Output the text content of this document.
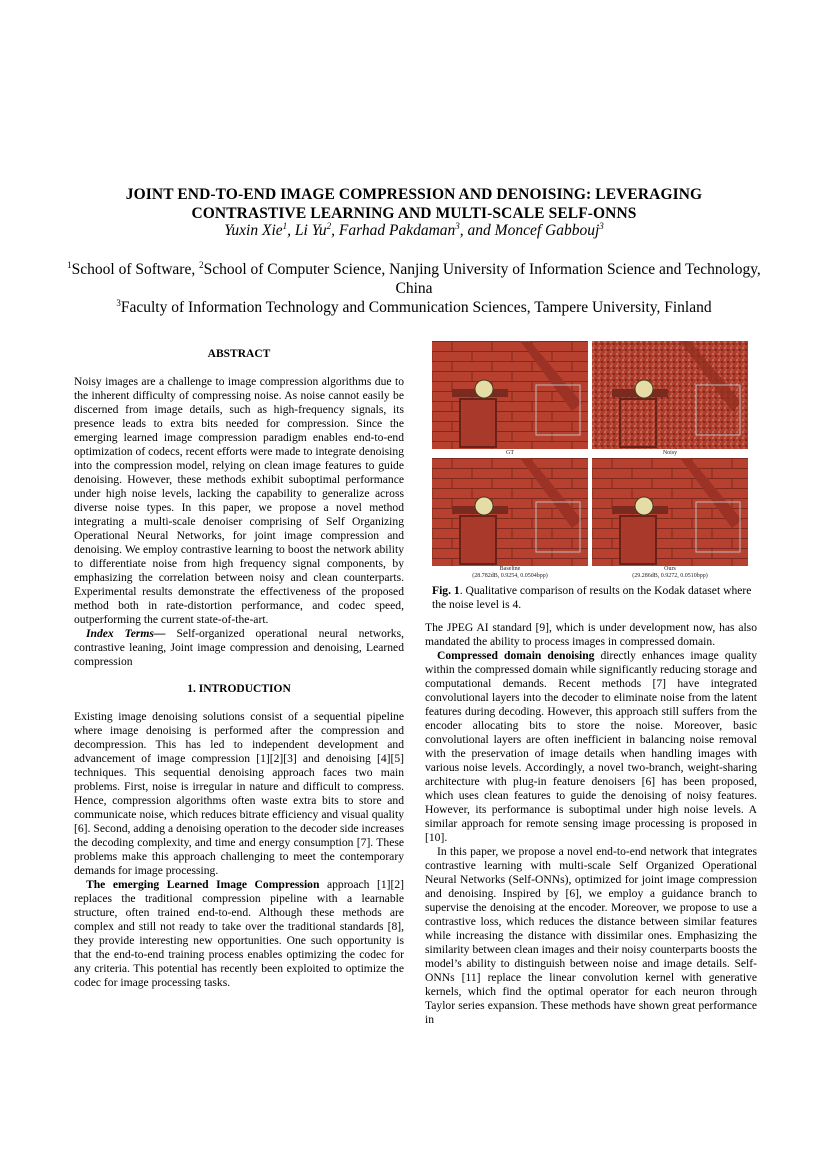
JOINT END-TO-END IMAGE COMPRESSION AND DENOISING: LEVERAGING
CONTRASTIVE LEARNING AND MULTI-SCALE SELF-ONNS
Yuxin Xie$^1$, Li Yu$^2$, Farhad Pakdaman$^3$, and Moncef Gabbouj$^3$
$^1$School of Software, $^2$School of Computer Science, Nanjing University of Information Science and Technology, China
$^3$Faculty of Information Technology and Communication Sciences, Tampere University, Finland
ABSTRACT

Noisy images are a challenge to image compression algorithms due to the inherent difficulty of compressing noise. As noise cannot easily be discerned from image details, such as high-frequency signals, its presence leads to extra bits needed for compression. Since the emerging learned image compression paradigm enables end-to-end optimization of codecs, recent efforts were made to integrate denoising into the compression model, relying on clean image features to guide denoising. However, these methods exhibit suboptimal performance under high noise levels, lacking the capability to generalize across diverse noise types. In this paper, we propose a novel method integrating a multi-scale denoiser comprising of Self Organizing Operational Neural Networks, for joint image compression and denoising. We employ contrastive learning to boost the network ability to differentiate noise from high frequency signal components, by emphasizing the correlation between noisy and clean counterparts. Experimental results demonstrate the effectiveness of the proposed method both in rate-distortion performance, and codec speed, outperforming the current state-of-the-art.

Index Terms— Self-organized operational neural networks, contrastive leaning, Joint image compression and denoising, Learned compression

1. INTRODUCTION

Existing image denoising solutions consist of a sequential pipeline where image denoising is performed after the compression and decompression. This has led to independent development and advancement of image compression [1][2][3] and denoising [4][5] techniques. This sequential denoising approach faces two main problems. First, noise is irregular in nature and difficult to compress. Hence, compression algorithms often waste extra bits to store and communicate noise, which reduces bitrate efficiency and visual quality [6]. Second, adding a denoising operation to the decoder side increases the decoding complexity, and time and energy consumption [7]. These problems make this approach challenging to meet the contemporary demands for image processing.

The emerging Learned Image Compression approach [1][2] replaces the traditional compression pipeline with a learnable structure, often trained end-to-end. Although these methods are complex and still not ready to take over the traditional standards [8], they provide interesting new opportunities. One such opportunity is that the end-to-end training process enables optimizing the codec for any criteria. This potential has recently been exploited to optimize the codec for image processing tasks.

GT	Noisy
Baseline
(28.782dB, 0.9254, 0.0504bpp)
Ours
(29.286dB, 0.9272, 0.0510bpp)
Fig. 1. Qualitative comparison of results on the Kodak dataset where the noise level is 4.

The JPEG AI standard [9], which is under development now, has also mandated the ability to process images in compressed domain.

Compressed domain denoising directly enhances image quality within the compressed domain while significantly reducing storage and computational demands. Recent methods [7] have integrated convolutional layers into the decoder to eliminate noise from the latent features during decoding. However, this approach still suffers from the encoder allocating bits to store the noise. Moreover, basic convolutional layers are often inefficient in balancing noise removal with the preservation of image details when handling images with various noise levels. Accordingly, a novel two-branch, weight-sharing architecture with plug-in feature denoisers [6] has been proposed, which uses clean features to guide the denoising of noisy features. However, its performance is suboptimal under high noise levels. A similar approach for remote sensing image processing is proposed in [10].

In this paper, we propose a novel end-to-end network that integrates contrastive learning with multi-scale Self Organized Operational Neural Networks (Self-ONNs), optimized for joint image compression and denoising. Inspired by [6], we employ a guidance branch to supervise the denoising at the encoder. Moreover, we propose to use a contrastive loss, which reduces the distance between similar features while increasing the distance with dissimilar ones. Emphasizing the similarity between clean images and their noisy counterparts boosts the model’s ability to distinguish between noise and image details. Self-ONNs [11] replace the linear convolution kernel with generative kernels, which find the optimal operator for each neuron through Taylor series expansion. These methods have shown great performance in
